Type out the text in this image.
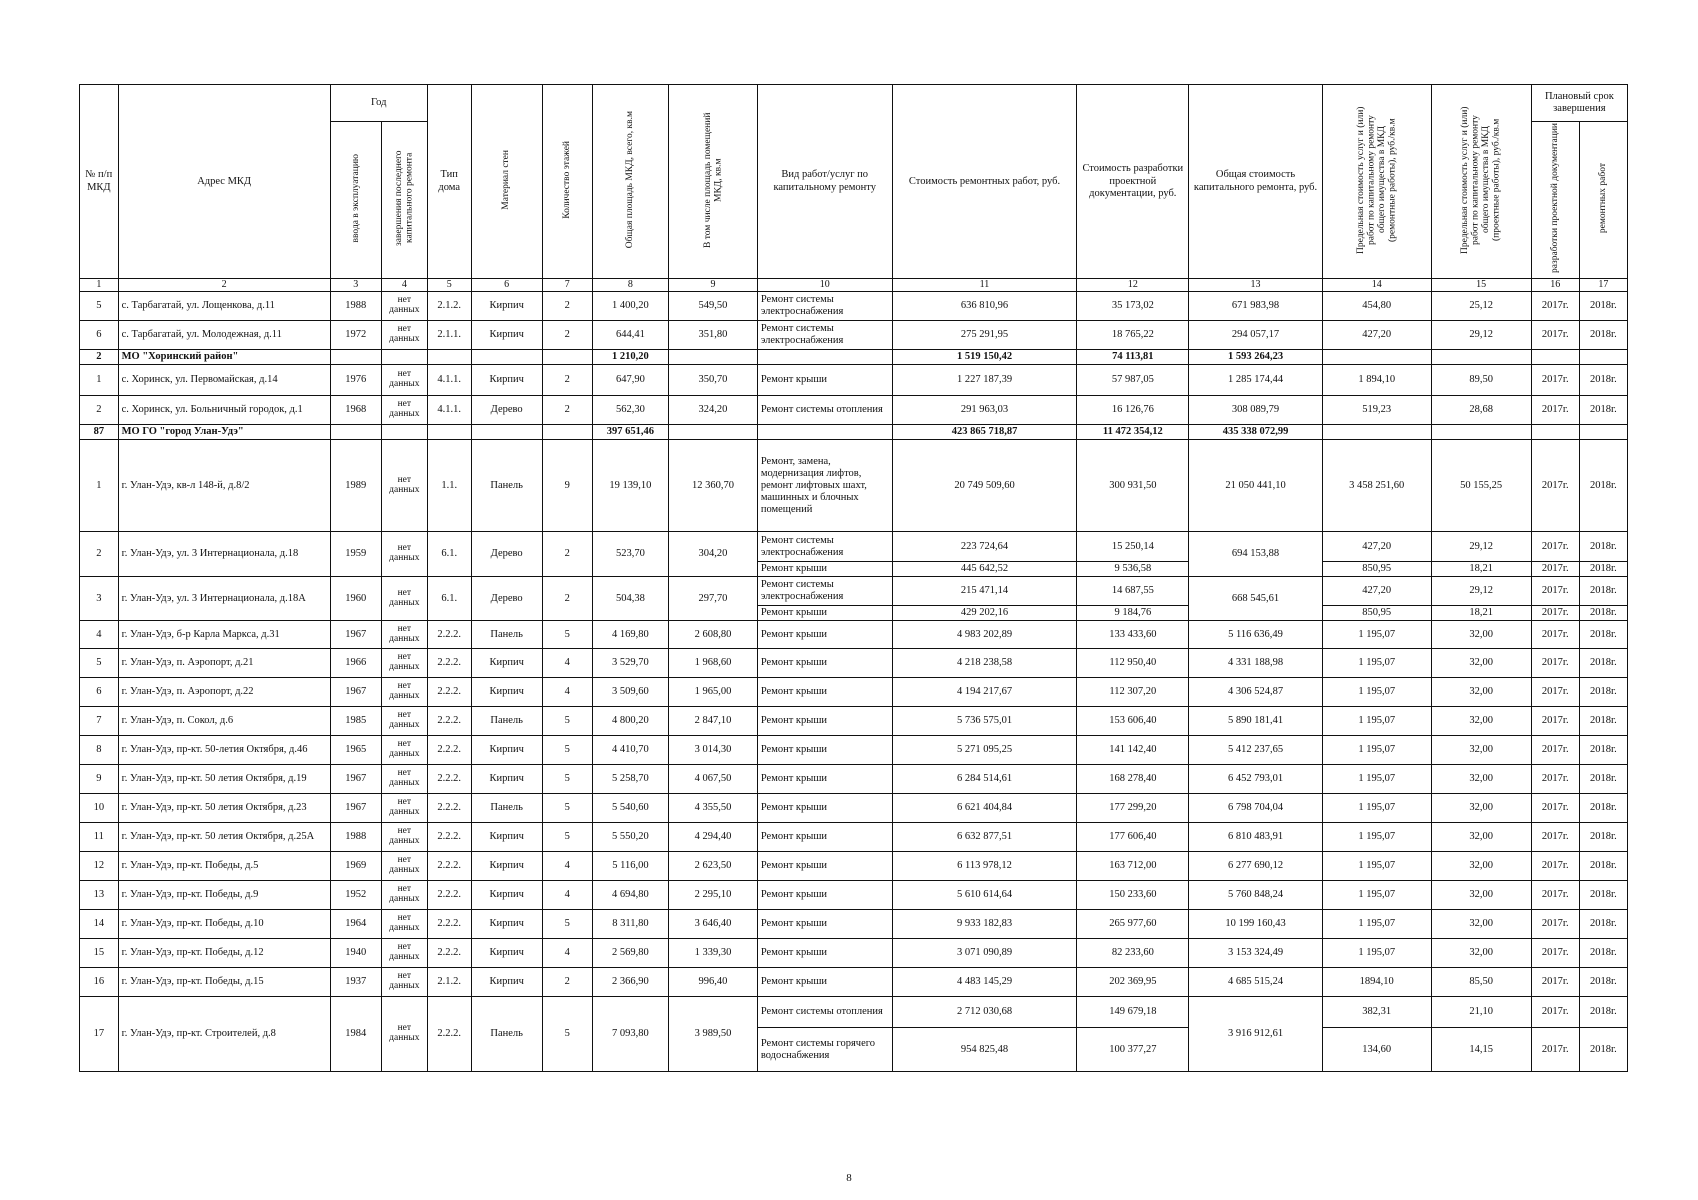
№ п/п МКД	Адрес МКД	Год		Тип дома	Материал стен	Количество этажей	Общая площадь МКД, всего, кв.м	В том числе площадь помещений МКД, кв.м	Вид работ/услуг по капитальному ремонту	Стоимость ремонтных работ, руб.	Стоимость разработки проектной документации, руб.	Общая стоимость капитального ремонта, руб.	Предельная стоимость услуг и (или) работ по капитальному ремонту общего имущества в МКД (ремонтные работы), руб./кв.м	Предельная стоимость услуг и (или) работ по капитальному ремонту общего имущества в МКД (проектные работы), руб./кв.м	Плановый срок завершения	
		ввода в эксплуатацию	завершения последнего капитального ремонта												разработки проектной документации	ремонтных работ
1	2	3	4	5	6	7	8	9	10	11	12	13	14	15	16	17
5	с. Тарбагатай, ул. Лощенкова, д.11	1988	нет данных	2.1.2.	Кирпич	2	1 400,20	549,50	Ремонт системы электроснабжения	636 810,96	35 173,02	671 983,98	454,80	25,12	2017г.	2018г.
6	с. Тарбагатай, ул. Молодежная, д.11	1972	нет данных	2.1.1.	Кирпич	2	644,41	351,80	Ремонт системы электроснабжения	275 291,95	18 765,22	294 057,17	427,20	29,12	2017г.	2018г.
2	МО "Хоринский район"						1 210,20			1 519 150,42	74 113,81	1 593 264,23				
1	с. Хоринск, ул. Первомайская, д.14	1976	нет данных	4.1.1.	Кирпич	2	647,90	350,70	Ремонт крыши	1 227 187,39	57 987,05	1 285 174,44	1 894,10	89,50	2017г.	2018г.
2	с. Хоринск, ул. Больничный городок, д.1	1968	нет данных	4.1.1.	Дерево	2	562,30	324,20	Ремонт системы отопления	291 963,03	16 126,76	308 089,79	519,23	28,68	2017г.	2018г.
87	МО ГО "город Улан-Удэ"						397 651,46			423 865 718,87	11 472 354,12	435 338 072,99				
1	г. Улан-Удэ, кв-л 148-й, д.8/2	1989	нет данных	1.1.	Панель	9	19 139,10	12 360,70	Ремонт, замена, модернизация лифтов, ремонт лифтовых шахт, машинных и блочных помещений	20 749 509,60	300 931,50	21 050 441,10	3 458 251,60	50 155,25	2017г.	2018г.
2	г. Улан-Удэ, ул. 3 Интернационала, д.18	1959	нет данных	6.1.	Дерево	2	523,70	304,20	Ремонт системы электроснабжения	223 724,64	15 250,14	694 153,88	427,20	29,12	2017г.	2018г.
									Ремонт крыши	445 642,52	9 536,58		850,95	18,21	2017г.	2018г.
3	г. Улан-Удэ, ул. 3 Интернационала, д.18А	1960	нет данных	6.1.	Дерево	2	504,38	297,70	Ремонт системы электроснабжения	215 471,14	14 687,55	668 545,61	427,20	29,12	2017г.	2018г.
									Ремонт крыши	429 202,16	9 184,76		850,95	18,21	2017г.	2018г.
4	г. Улан-Удэ, б-р Карла Маркса, д.31	1967	нет данных	2.2.2.	Панель	5	4 169,80	2 608,80	Ремонт крыши	4 983 202,89	133 433,60	5 116 636,49	1 195,07	32,00	2017г.	2018г.
5	г. Улан-Удэ, п. Аэропорт, д.21	1966	нет данных	2.2.2.	Кирпич	4	3 529,70	1 968,60	Ремонт крыши	4 218 238,58	112 950,40	4 331 188,98	1 195,07	32,00	2017г.	2018г.
6	г. Улан-Удэ, п. Аэропорт, д.22	1967	нет данных	2.2.2.	Кирпич	4	3 509,60	1 965,00	Ремонт крыши	4 194 217,67	112 307,20	4 306 524,87	1 195,07	32,00	2017г.	2018г.
7	г. Улан-Удэ, п. Сокол, д.6	1985	нет данных	2.2.2.	Панель	5	4 800,20	2 847,10	Ремонт крыши	5 736 575,01	153 606,40	5 890 181,41	1 195,07	32,00	2017г.	2018г.
8	г. Улан-Удэ, пр-кт. 50-летия Октября, д.46	1965	нет данных	2.2.2.	Кирпич	5	4 410,70	3 014,30	Ремонт крыши	5 271 095,25	141 142,40	5 412 237,65	1 195,07	32,00	2017г.	2018г.
9	г. Улан-Удэ, пр-кт. 50 летия Октября, д.19	1967	нет данных	2.2.2.	Кирпич	5	5 258,70	4 067,50	Ремонт крыши	6 284 514,61	168 278,40	6 452 793,01	1 195,07	32,00	2017г.	2018г.
10	г. Улан-Удэ, пр-кт. 50 летия Октября, д.23	1967	нет данных	2.2.2.	Панель	5	5 540,60	4 355,50	Ремонт крыши	6 621 404,84	177 299,20	6 798 704,04	1 195,07	32,00	2017г.	2018г.
11	г. Улан-Удэ, пр-кт. 50 летия Октября, д.25А	1988	нет данных	2.2.2.	Кирпич	5	5 550,20	4 294,40	Ремонт крыши	6 632 877,51	177 606,40	6 810 483,91	1 195,07	32,00	2017г.	2018г.
12	г. Улан-Удэ, пр-кт. Победы, д.5	1969	нет данных	2.2.2.	Кирпич	4	5 116,00	2 623,50	Ремонт крыши	6 113 978,12	163 712,00	6 277 690,12	1 195,07	32,00	2017г.	2018г.
13	г. Улан-Удэ, пр-кт. Победы, д.9	1952	нет данных	2.2.2.	Кирпич	4	4 694,80	2 295,10	Ремонт крыши	5 610 614,64	150 233,60	5 760 848,24	1 195,07	32,00	2017г.	2018г.
14	г. Улан-Удэ, пр-кт. Победы, д.10	1964	нет данных	2.2.2.	Кирпич	5	8 311,80	3 646,40	Ремонт крыши	9 933 182,83	265 977,60	10 199 160,43	1 195,07	32,00	2017г.	2018г.
15	г. Улан-Удэ, пр-кт. Победы, д.12	1940	нет данных	2.2.2.	Кирпич	4	2 569,80	1 339,30	Ремонт крыши	3 071 090,89	82 233,60	3 153 324,49	1 195,07	32,00	2017г.	2018г.
16	г. Улан-Удэ, пр-кт. Победы, д.15	1937	нет данных	2.1.2.	Кирпич	2	2 366,90	996,40	Ремонт крыши	4 483 145,29	202 369,95	4 685 515,24	1894,10	85,50	2017г.	2018г.
17	г. Улан-Удэ, пр-кт. Строителей, д.8	1984	нет данных	2.2.2.	Панель	5	7 093,80	3 989,50	Ремонт системы отопления	2 712 030,68	149 679,18	3 916 912,61	382,31	21,10	2017г.	2018г.
									Ремонт системы горячего водоснабжения	954 825,48	100 377,27		134,60	14,15	2017г.	2018г.
8
